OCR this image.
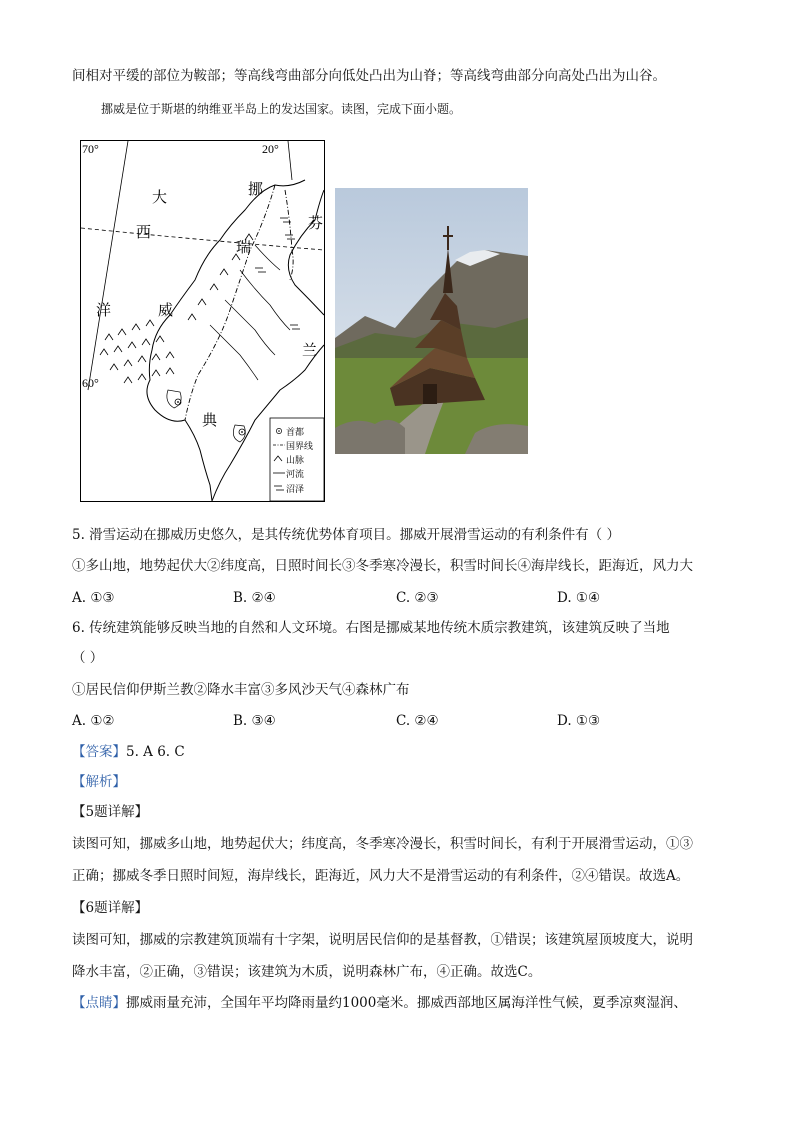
间相对平缓的部位为鞍部；等高线弯曲部分向低处凸出为山脊；等高线弯曲部分向高处凸出为山谷。
挪威是位于斯堪的纳维亚半岛上的发达国家。读图，完成下面小题。
70°	20°
60°
大
西
洋
挪
威
瑞
典
芬
兰
首都
国界线
山脉
河流
沼泽
5. 滑雪运动在挪威历史悠久，是其传统优势体育项目。挪威开展滑雪运动的有利条件有（ ）
①多山地，地势起伏大②纬度高，日照时间长③冬季寒冷漫长，积雪时间长④海岸线长，距海近，风力大
A. ①③	B. ②④	C. ②③	D. ①④
6. 传统建筑能够反映当地的自然和人文环境。右图是挪威某地传统木质宗教建筑，该建筑反映了当地
（ ）
①居民信仰伊斯兰教②降水丰富③多风沙天气④森林广布
A. ①②	B. ③④	C. ②④	D. ①③
【答案】5. A 6. C
【解析】
【5题详解】
读图可知，挪威多山地，地势起伏大；纬度高，冬季寒冷漫长，积雪时间长，有利于开展滑雪运动，①③
正确；挪威冬季日照时间短，海岸线长，距海近，风力大不是滑雪运动的有利条件，②④错误。故选A。
【6题详解】
读图可知，挪威的宗教建筑顶端有十字架，说明居民信仰的是基督教，①错误；该建筑屋顶坡度大，说明
降水丰富，②正确，③错误；该建筑为木质，说明森林广布，④正确。故选C。
【点睛】挪威雨量充沛，全国年平均降雨量约1000毫米。挪威西部地区属海洋性气候，夏季凉爽湿润、
